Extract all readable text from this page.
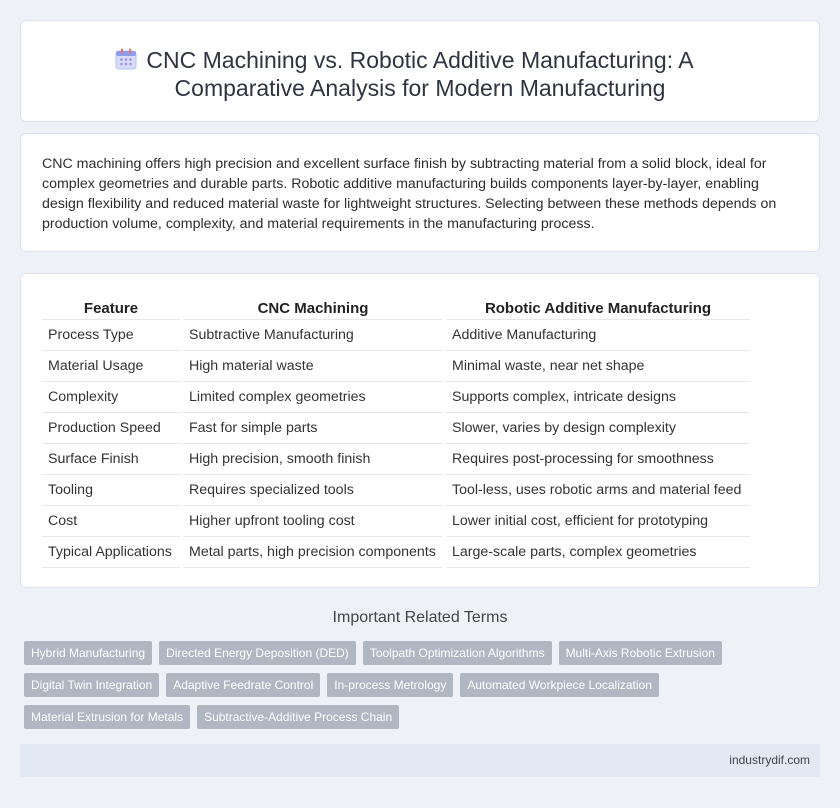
CNC Machining vs. Robotic Additive Manufacturing: A
Comparative Analysis for Modern Manufacturing

CNC machining offers high precision and excellent surface finish by subtracting material from a solid block, ideal for complex geometries and durable parts. Robotic additive manufacturing builds components layer-by-layer, enabling design flexibility and reduced material waste for lightweight structures. Selecting between these methods depends on production volume, complexity, and material requirements in the manufacturing process.

Feature		CNC Machining		Robotic Additive Manufacturing
Process Type		Subtractive Manufacturing		Additive Manufacturing
Material Usage		High material waste		Minimal waste, near net shape
Complexity		Limited complex geometries		Supports complex, intricate designs
Production Speed		Fast for simple parts		Slower, varies by design complexity
Surface Finish		High precision, smooth finish		Requires post-processing for smoothness
Tooling		Requires specialized tools		Tool-less, uses robotic arms and material feed
Cost		Higher upfront tooling cost		Lower initial cost, efficient for prototyping
Typical Applications		Metal parts, high precision components		Large-scale parts, complex geometries
Important Related Terms
Hybrid Manufacturing	Directed Energy Deposition (DED)	Toolpath Optimization Algorithms	Multi-Axis Robotic Extrusion
Digital Twin Integration	Adaptive Feedrate Control	In-process Metrology	Automated Workpiece Localization
Material Extrusion for Metals	Subtractive-Additive Process Chain
industrydif.com
